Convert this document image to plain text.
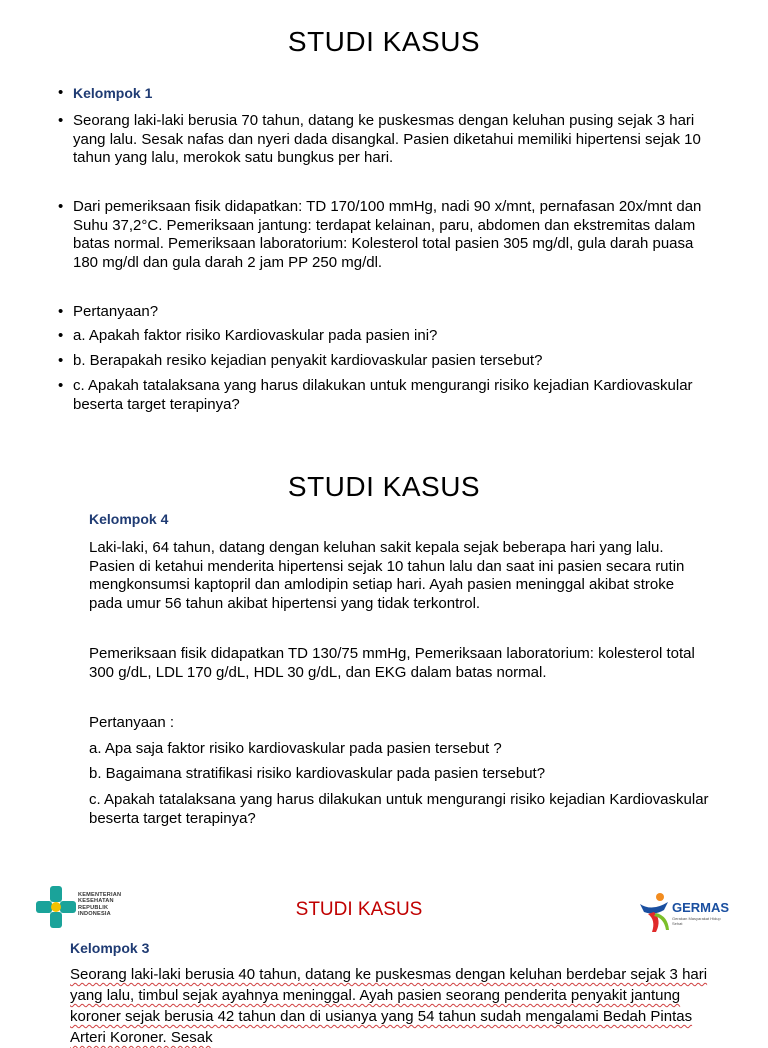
STUDI KASUS
• Kelompok 1
• Seorang laki-laki berusia 70 tahun, datang ke puskesmas dengan keluhan pusing sejak 3 hari yang lalu. Sesak nafas dan nyeri dada disangkal. Pasien diketahui memiliki hipertensi sejak 10 tahun yang lalu, merokok satu bungkus per hari.
• Dari pemeriksaan fisik didapatkan: TD 170/100 mmHg, nadi 90 x/mnt, pernafasan 20x/mnt dan Suhu 37,2°C. Pemeriksaan jantung: terdapat kelainan, paru, abdomen dan ekstremitas dalam batas normal. Pemeriksaan laboratorium: Kolesterol total pasien 305 mg/dl, gula darah puasa 180 mg/dl dan gula darah 2 jam PP 250 mg/dl.
• Pertanyaan?
• a. Apakah faktor risiko Kardiovaskular pada pasien ini?
• b. Berapakah resiko kejadian penyakit kardiovaskular pasien tersebut?
• c. Apakah tatalaksana yang harus dilakukan untuk mengurangi risiko kejadian Kardiovaskular beserta target terapinya?
STUDI KASUS

Kelompok 4

Laki-laki, 64 tahun, datang dengan keluhan sakit kepala sejak beberapa hari yang lalu. Pasien di ketahui menderita hipertensi sejak 10 tahun lalu dan saat ini pasien secara rutin mengkonsumsi kaptopril dan amlodipin setiap hari. Ayah pasien meninggal akibat stroke pada umur 56 tahun akibat hipertensi yang tidak terkontrol.

Pemeriksaan fisik didapatkan TD 130/75 mmHg, Pemeriksaan laboratorium: kolesterol total 300 g/dL, LDL 170 g/dL, HDL 30 g/dL, dan EKG dalam batas normal.

Pertanyaan :

a. Apa saja faktor risiko kardiovaskular pada pasien tersebut ?

b. Bagaimana stratifikasi risiko kardiovaskular pada pasien tersebut?

c. Apakah tatalaksana yang harus dilakukan untuk mengurangi risiko kejadian Kardiovaskular beserta target terapinya?

KEMENTERIAN
KESEHATAN
REPUBLIK
INDONESIA	STUDI KASUS	GERMAS
Gerakan Masyarakat Hidup Sehat

Kelompok 3

Seorang laki-laki berusia 40 tahun, datang ke puskesmas dengan keluhan berdebar sejak 3 hari yang lalu, timbul sejak ayahnya meninggal. Ayah pasien seorang penderita penyakit jantung koroner sejak berusia 42 tahun dan di usianya yang 54 tahun sudah mengalami Bedah Pintas Arteri Koroner. Sesak
